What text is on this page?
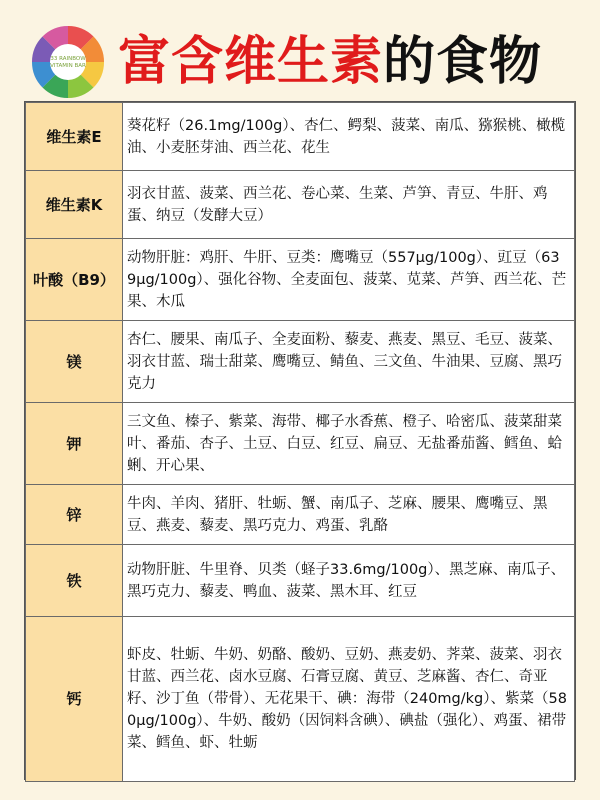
33 RAINBOW
VITAMIN BAR 富含维生素的食物
维生素E	葵花籽（26.1mg/100g）、杏仁、鳄梨、菠菜、南瓜、猕猴桃、橄榄油、小麦胚芽油、西兰花、花生
维生素K	羽衣甘蓝、菠菜、西兰花、卷心菜、生菜、芦笋、青豆、牛肝、鸡蛋、纳豆（发酵大豆）
叶酸（B9）	动物肝脏：鸡肝、牛肝、豆类：鹰嘴豆（557μg/100g）、豇豆（639μg/100g）、强化谷物、全麦面包、菠菜、苋菜、芦笋、西兰花、芒果、木瓜
镁	杏仁、腰果、南瓜子、全麦面粉、藜麦、燕麦、黑豆、毛豆、菠菜、羽衣甘蓝、瑞士甜菜、鹰嘴豆、鲭鱼、三文鱼、牛油果、豆腐、黑巧克力
钾	三文鱼、榛子、紫菜、海带、椰子水香蕉、橙子、哈密瓜、菠菜甜菜叶、番茄、杏子、土豆、白豆、红豆、扁豆、无盐番茄酱、鳕鱼、蛤蜊、开心果、
锌	牛肉、羊肉、猪肝、牡蛎、蟹、南瓜子、芝麻、腰果、鹰嘴豆、黑豆、燕麦、藜麦、黑巧克力、鸡蛋、乳酪
铁	动物肝脏、牛里脊、贝类（蛏子33.6mg/100g）、黑芝麻、南瓜子、黑巧克力、藜麦、鸭血、菠菜、黑木耳、红豆
钙	虾皮、牡蛎、牛奶、奶酪、酸奶、豆奶、燕麦奶、荠菜、菠菜、羽衣甘蓝、西兰花、卤水豆腐、石膏豆腐、黄豆、芝麻酱、杏仁、奇亚籽、沙丁鱼（带骨）、无花果干、碘：海带（240mg/kg）、紫菜（580μg/100g）、牛奶、酸奶（因饲料含碘）、碘盐（强化）、鸡蛋、裙带菜、鳕鱼、虾、牡蛎
